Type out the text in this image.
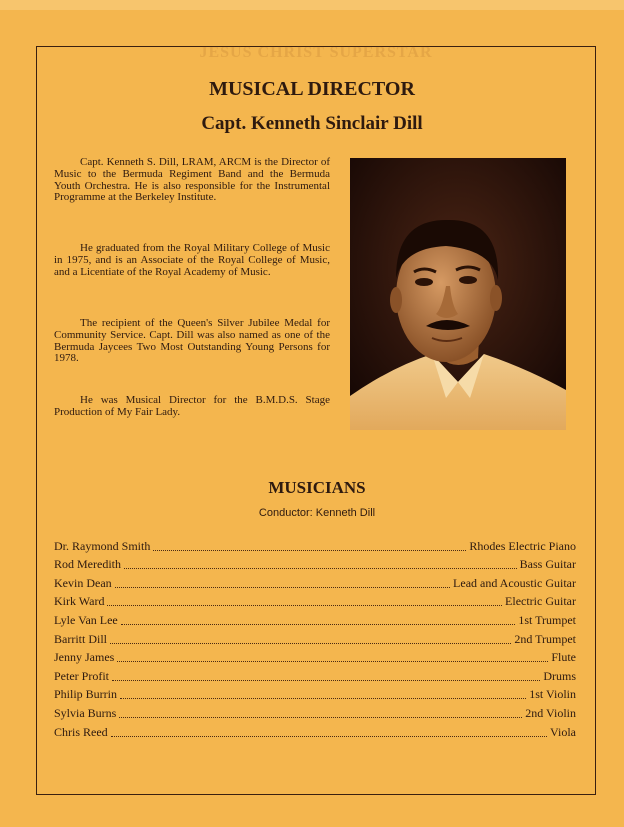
JESUS CHRIST SUPERSTAR
MUSICAL DIRECTOR
Capt. Kenneth Sinclair Dill

Capt. Kenneth S. Dill, LRAM, ARCM is the Director of Music to the Bermuda Regiment Band and the Bermuda Youth Orchestra. He is also responsible for the Instrumental Programme at the Berkeley Institute.

He graduated from the Royal Military College of Music in 1975, and is an Associate of the Royal College of Music, and a Licentiate of the Royal Academy of Music.

The recipient of the Queen's Silver Jubilee Medal for Community Service. Capt. Dill was also named as one of the Bermuda Jaycees Two Most Outstanding Young Persons for 1978.

He was Musical Director for the B.M.D.S. Stage Production of My Fair Lady.

MUSICIANS
Conductor: Kenneth Dill
Dr. Raymond Smith	Rhodes Electric Piano
Rod Meredith	Bass Guitar
Kevin Dean	Lead and Acoustic Guitar
Kirk Ward	Electric Guitar
Lyle Van Lee	1st Trumpet
Barritt Dill	2nd Trumpet
Jenny James	Flute
Peter Profit	Drums
Philip Burrin	1st Violin
Sylvia Burns	2nd Violin
Chris Reed	Viola
